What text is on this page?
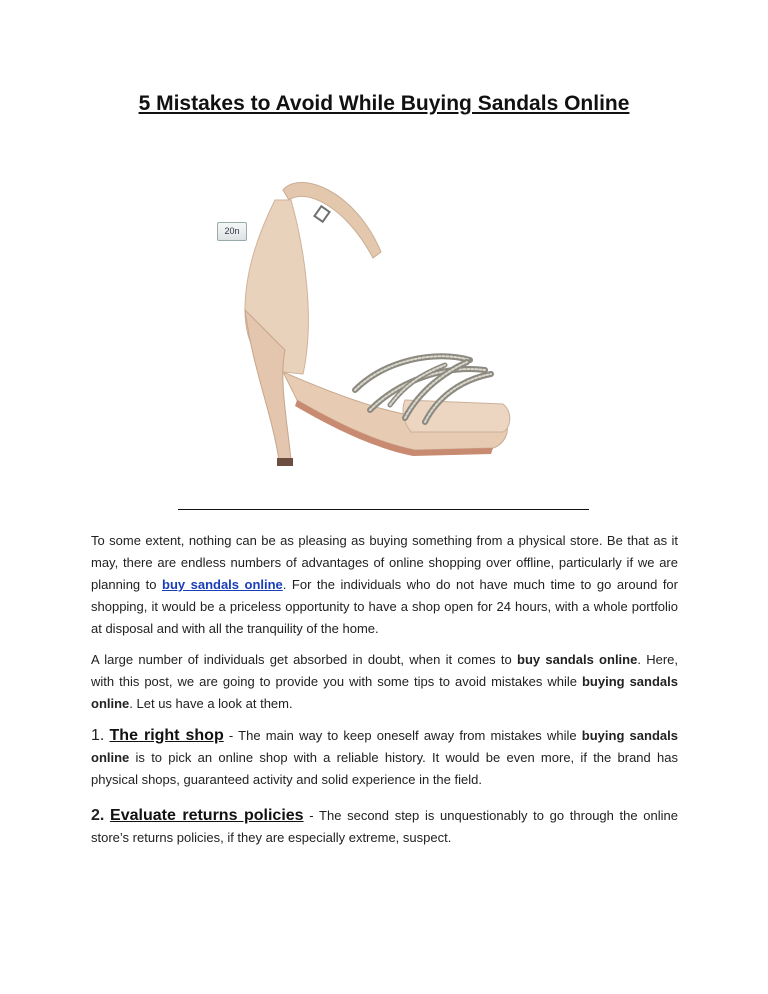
5 Mistakes to Avoid While Buying Sandals Online
20n

To some extent, nothing can be as pleasing as buying something from a physical store. Be that as it may, there are endless numbers of advantages of online shopping over offline, particularly if we are planning to buy sandals online. For the individuals who do not have much time to go around for shopping, it would be a priceless opportunity to have a shop open for 24 hours, with a whole portfolio at disposal and with all the tranquility of the home.

A large number of individuals get absorbed in doubt, when it comes to buy sandals online. Here, with this post, we are going to provide you with some tips to avoid mistakes while buying sandals online. Let us have a look at them.

1. The right shop - The main way to keep oneself away from mistakes while buying sandals online is to pick an online shop with a reliable history. It would be even more, if the brand has physical shops, guaranteed activity and solid experience in the field.

2. Evaluate returns policies - The second step is unquestionably to go through the online store’s returns policies, if they are especially extreme, suspect.
